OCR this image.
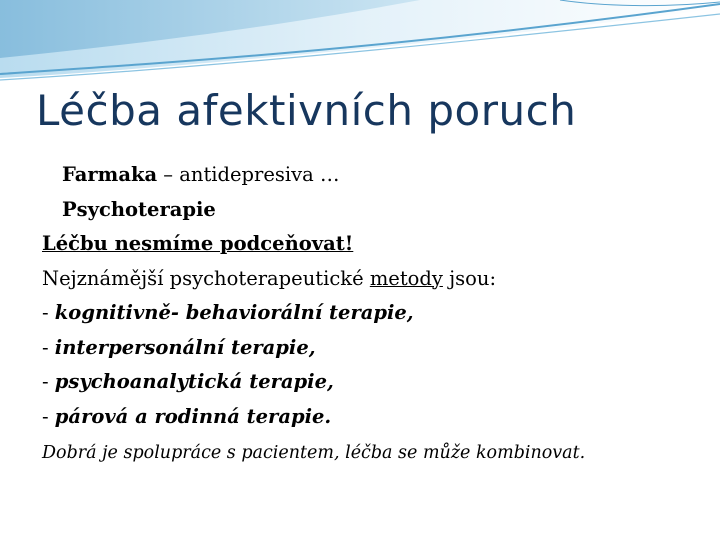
Léčba afektivních poruch
Farmaka – antidepresiva …
Psychoterapie
Léčbu nesmíme podceňovat!
Nejznámější psychoterapeutické metody jsou:
- kognitivně- behaviorální terapie,
- interpersonální terapie,
- psychoanalytická terapie,
- párová a rodinná terapie.
Dobrá je spolupráce s pacientem, léčba se může kombinovat.
